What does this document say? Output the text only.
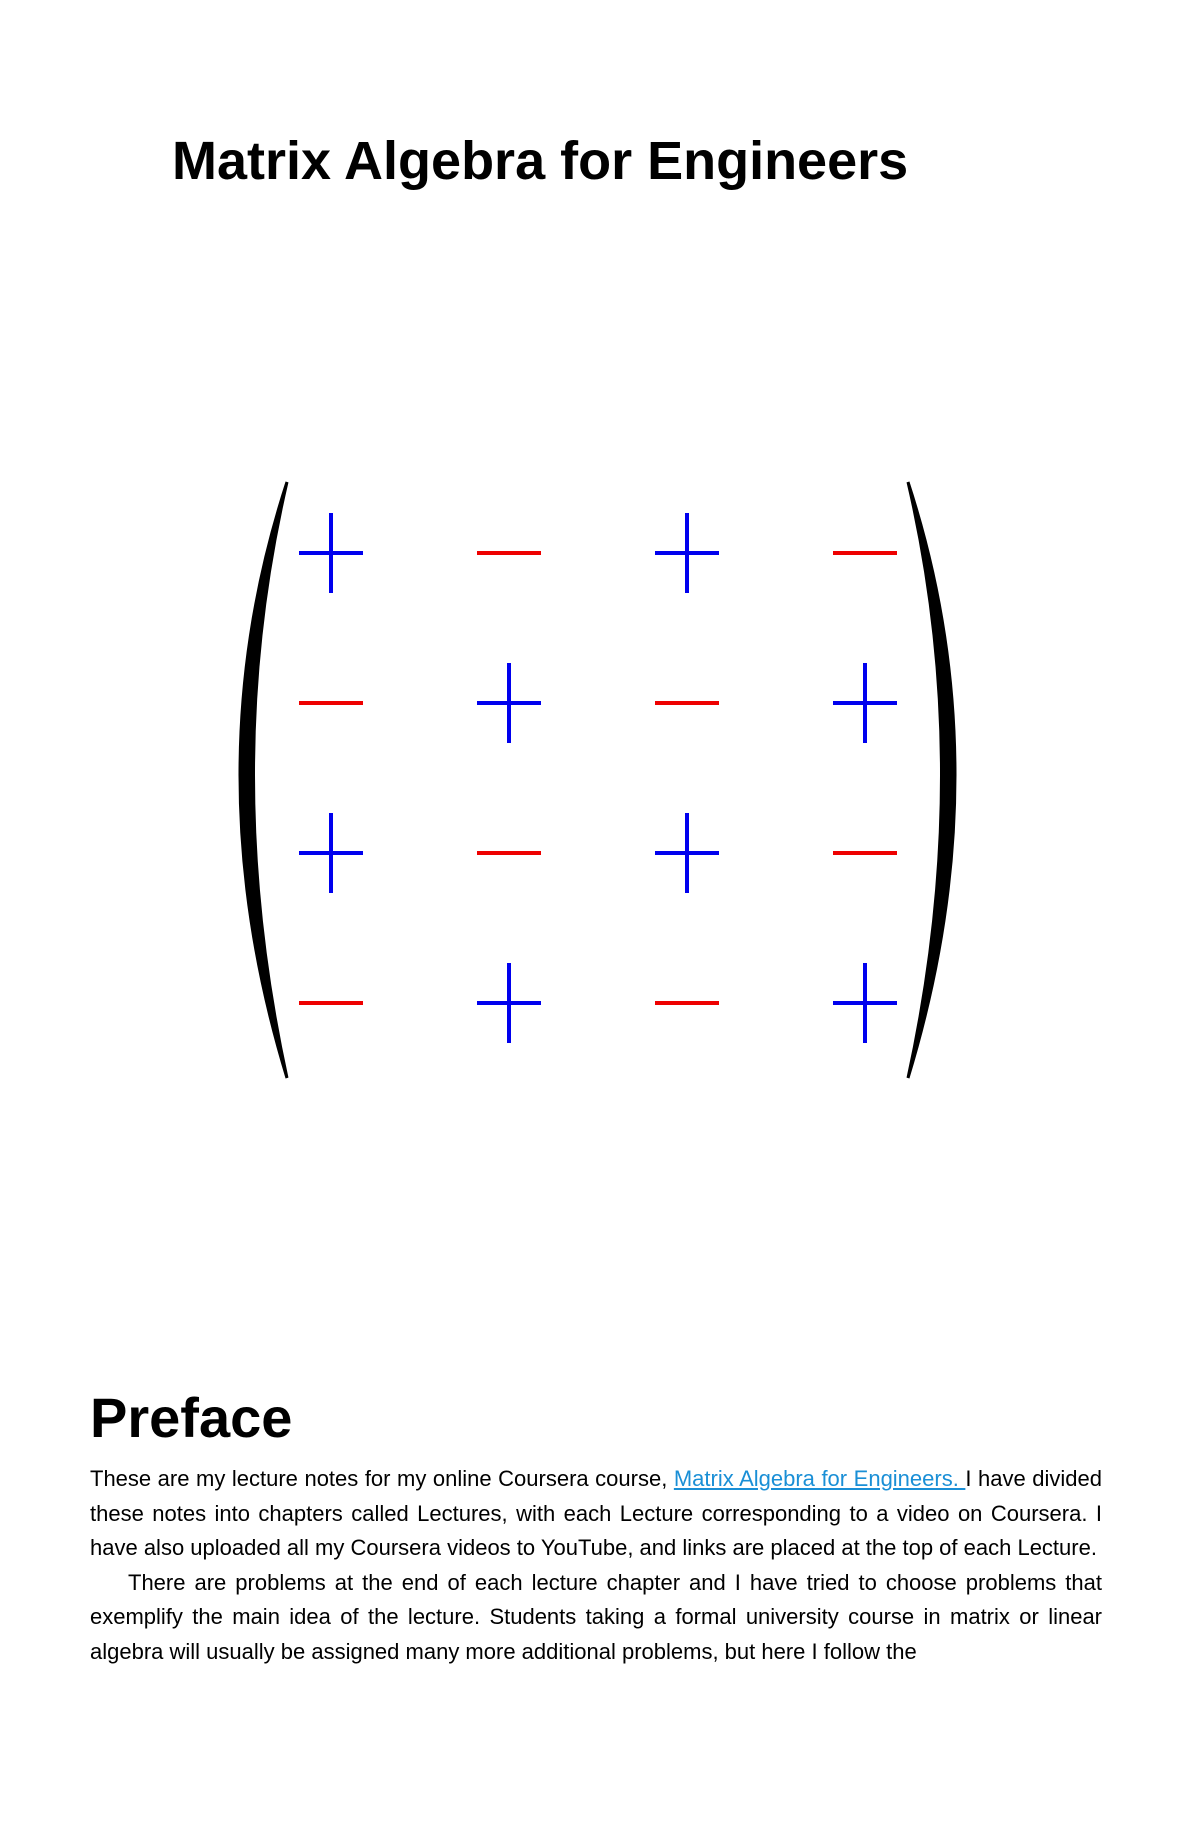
Matrix Algebra for Engineers
Preface

These are my lecture notes for my online Coursera course, Matrix Algebra for Engineers. I have divided these notes into chapters called Lectures, with each Lecture corresponding to a video on Coursera. I have also uploaded all my Coursera videos to YouTube, and links are placed at the top of each Lecture.

There are problems at the end of each lecture chapter and I have tried to choose problems that exemplify the main idea of the lecture. Students taking a formal university course in matrix or linear algebra will usually be assigned many more additional problems, but here I follow the
